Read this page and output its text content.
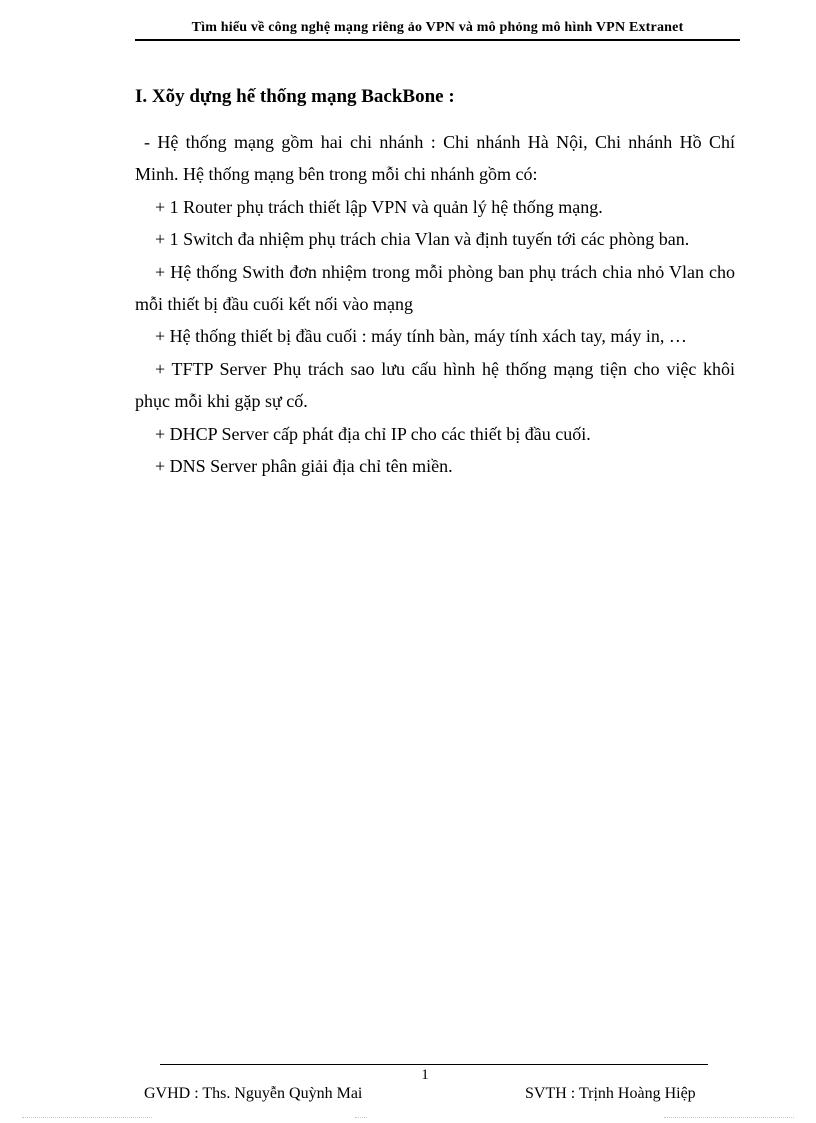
Tìm hiểu về công nghệ mạng riêng ảo VPN và mô phỏng mô hình VPN Extranet
I. Xõy dựng hế thống mạng BackBone :

- Hệ thống mạng gồm hai chi nhánh : Chi nhánh Hà Nội, Chi nhánh Hồ Chí Minh. Hệ thống mạng bên trong mỗi chi nhánh gồm có:

+ 1 Router phụ trách thiết lập VPN và quản lý hệ thống mạng.

+ 1 Switch đa nhiệm phụ trách chia Vlan và định tuyến tới các phòng ban.

+ Hệ thống Swith đơn nhiệm trong mỗi phòng ban phụ trách chia nhỏ Vlan cho mỗi thiết bị đầu cuối kết nối vào mạng

+ Hệ thống thiết bị đầu cuối : máy tính bàn, máy tính xách tay, máy in, …

+ TFTP Server Phụ trách sao lưu cấu hình hệ thống mạng tiện cho việc khôi phục mỗi khi gặp sự cố.

+ DHCP Server cấp phát địa chỉ IP cho các thiết bị đầu cuối.

+ DNS Server phân giải địa chỉ tên miền.

1
GVHD : Ths. Nguyễn Quỳnh Mai	SVTH : Trịnh Hoàng Hiệp
